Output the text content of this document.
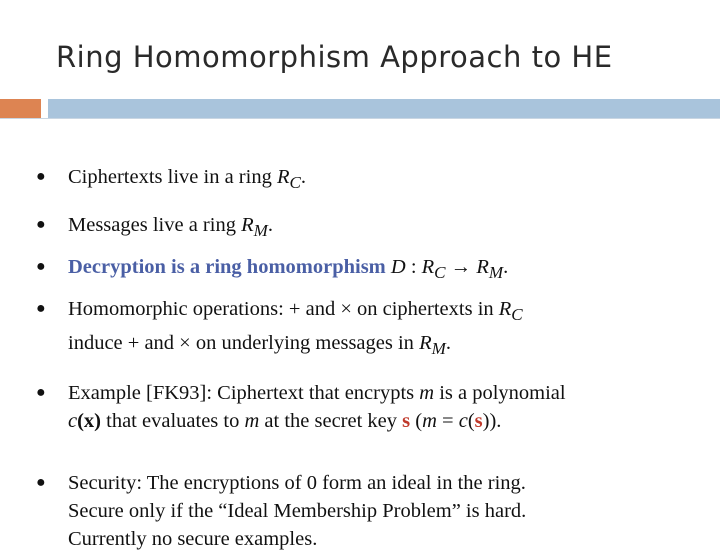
Ring Homomorphism Approach to HE
● Ciphertexts live in a ring $R_C$.
● Messages live a ring $R_M$.
● Decryption is a ring homomorphism D : $R_C \to R_M$.
● Homomorphic operations: + and × on ciphertexts in $R_C$
induce + and × on underlying messages in $R_M$.
● Example [FK93]: Ciphertext that encrypts m is a polynomial
c(x) that evaluates to m at the secret key s (m = c(s)).
● Security: The encryptions of 0 form an ideal in the ring.
Secure only if the “Ideal Membership Problem” is hard.
Currently no secure examples.
